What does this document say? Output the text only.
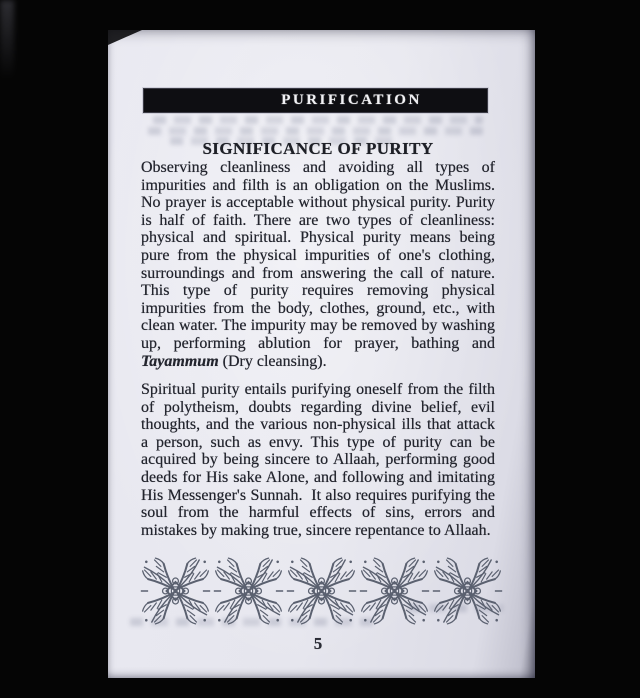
PURIFICATION
SIGNIFICANCE OF PURITY
Observing cleanliness and avoiding all types of
impurities and filth is an obligation on the Muslims.
No prayer is acceptable without physical purity. Purity
is half of faith. There are two types of cleanliness:
physical and spiritual. Physical purity means being
pure from the physical impurities of one's clothing,
surroundings and from answering the call of nature.
This type of purity requires removing physical
impurities from the body, clothes, ground, etc., with
clean water. The impurity may be removed by washing
up, performing ablution for prayer, bathing and
Tayammum (Dry cleansing).
Spiritual purity entails purifying oneself from the filth
of polytheism, doubts regarding divine belief, evil
thoughts, and the various non-physical ills that attack
a person, such as envy. This type of purity can be
acquired by being sincere to Allaah, performing good
deeds for His sake Alone, and following and imitating
His Messenger's Sunnah.  It also requires purifying the
soul from the harmful effects of sins, errors and
mistakes by making true, sincere repentance to Allaah.
5
